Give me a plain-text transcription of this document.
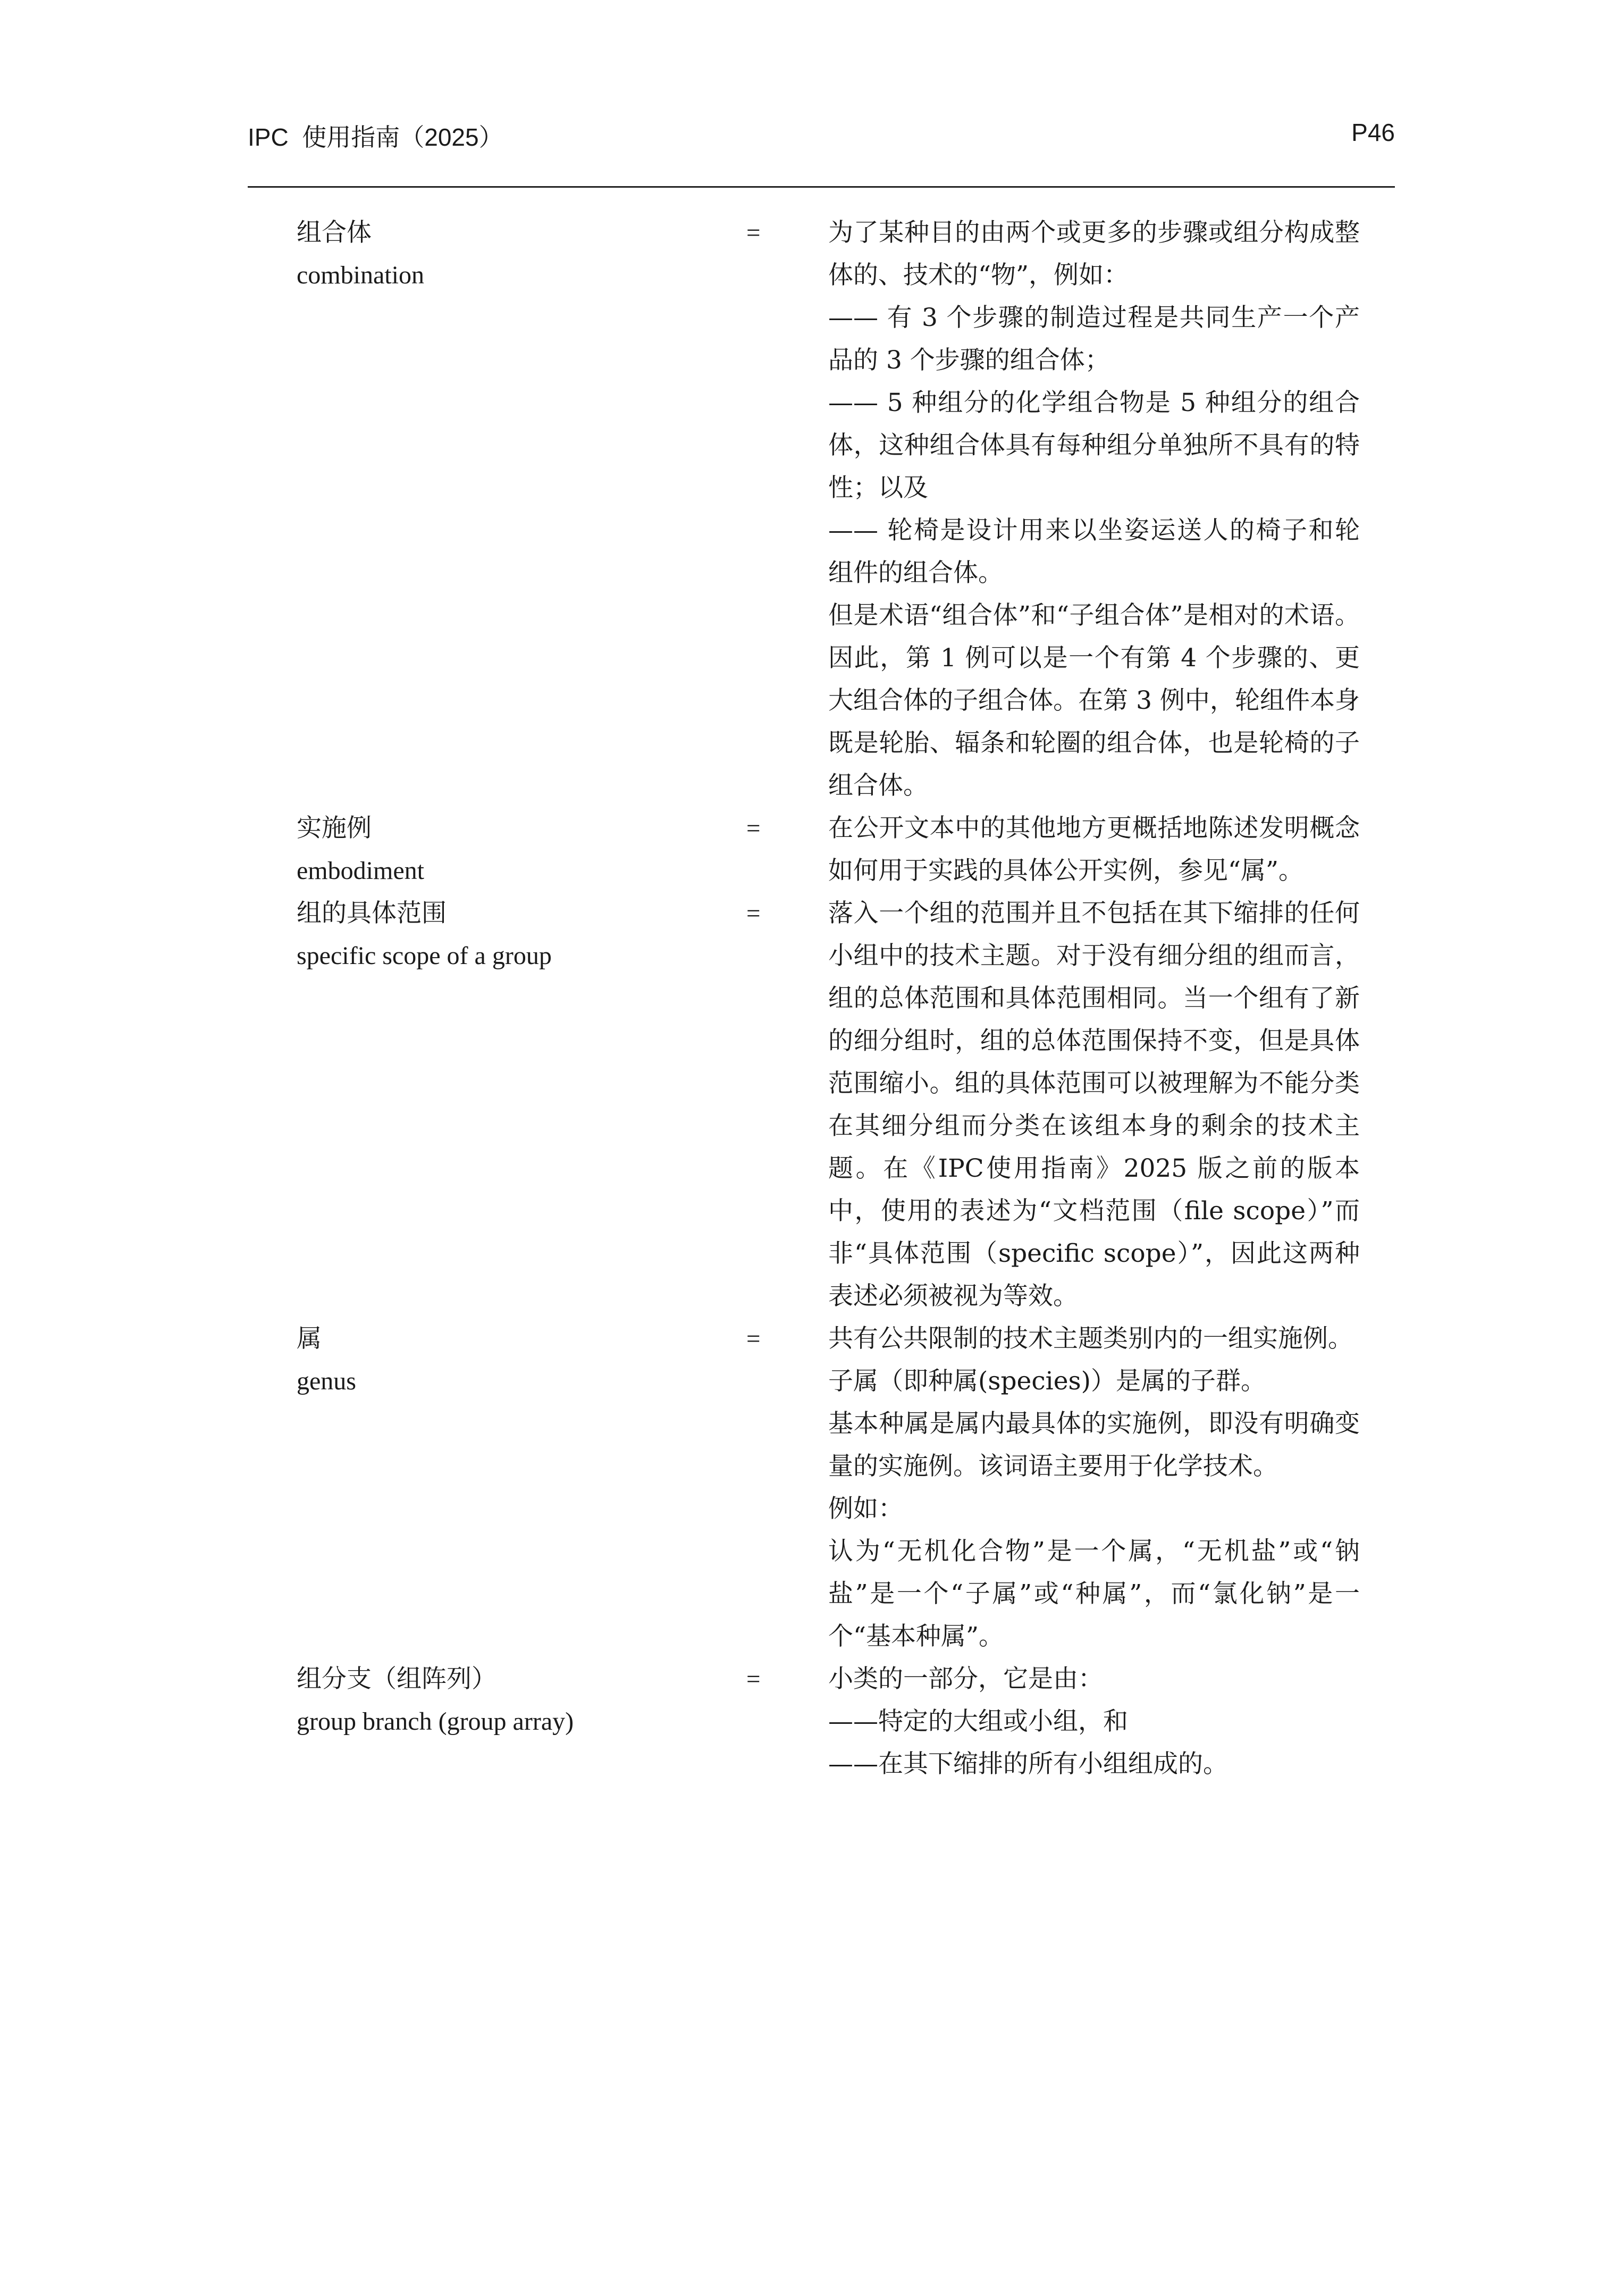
IPC  使用指南（2025）	P46
组合体
combination
=	为了某种目的由两个或更多的步骤或组分构成整体的、技术的“物”，例如：

—— 有 3 个步骤的制造过程是共同生产一个产品的 3 个步骤的组合体；

—— 5 种组分的化学组合物是 5 种组分的组合体，这种组合体具有每种组分单独所不具有的特性；以及

—— 轮椅是设计用来以坐姿运送人的椅子和轮组件的组合体。

但是术语“组合体”和“子组合体”是相对的术语。因此，第 1 例可以是一个有第 4 个步骤的、更大组合体的子组合体。在第 3 例中，轮组件本身既是轮胎、辐条和轮圈的组合体，也是轮椅的子组合体。

实施例
embodiment
=	在公开文本中的其他地方更概括地陈述发明概念如何用于实践的具体公开实例，参见“属”。

组的具体范围
specific scope of a group
=	落入一个组的范围并且不包括在其下缩排的任何小组中的技术主题。对于没有细分组的组而言，组的总体范围和具体范围相同。当一个组有了新的细分组时，组的总体范围保持不变，但是具体范围缩小。组的具体范围可以被理解为不能分类在其细分组而分类在该组本身的剩余的技术主题。在《IPC使用指南》2025 版之前的版本中，使用的表述为“文档范围（file scope）”而非“具体范围（specific scope）”，因此这两种表述必须被视为等效。

属
genus
=	共有公共限制的技术主题类别内的一组实施例。

子属（即种属(species)）是属的子群。

基本种属是属内最具体的实施例，即没有明确变量的实施例。该词语主要用于化学技术。

例如：

认为“无机化合物”是一个属，“无机盐”或“钠盐”是一个“子属”或“种属”，而“氯化钠”是一个“基本种属”。

组分支（组阵列）
group branch (group array)
=	小类的一部分，它是由：

——特定的大组或小组，和

——在其下缩排的所有小组组成的。
